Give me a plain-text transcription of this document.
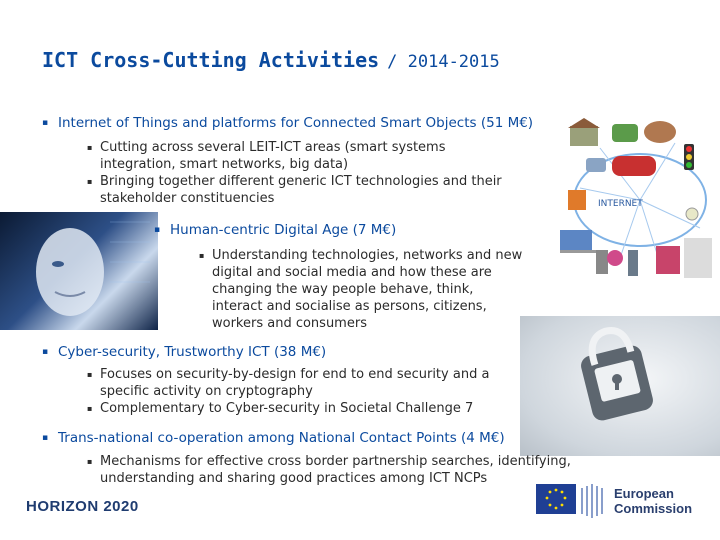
ICT Cross-Cutting Activities / 2014-2015
INTERNET
▪ Internet of Things and platforms for Connected Smart Objects (51 M€)
▪ Cutting across several LEIT-ICT areas (smart systems integration, smart networks, big data)
▪ Bringing together different generic ICT technologies and their stakeholder constituencies
▪ Human-centric Digital Age (7 M€)
▪ Understanding technologies, networks and new digital and social media and how these are changing the way people behave, think, interact and socialise as persons, citizens, workers and consumers
▪ Cyber-security, Trustworthy ICT (38 M€)
▪ Focuses on security-by-design for end to end security and a specific activity on cryptography
▪ Complementary to Cyber-security in Societal Challenge 7
▪ Trans-national co-operation among National Contact Points (4 M€)
▪ Mechanisms for effective cross border partnership searches, identifying, understanding and sharing good practices among ICT NCPs
HORIZON 2020
European
Commission
